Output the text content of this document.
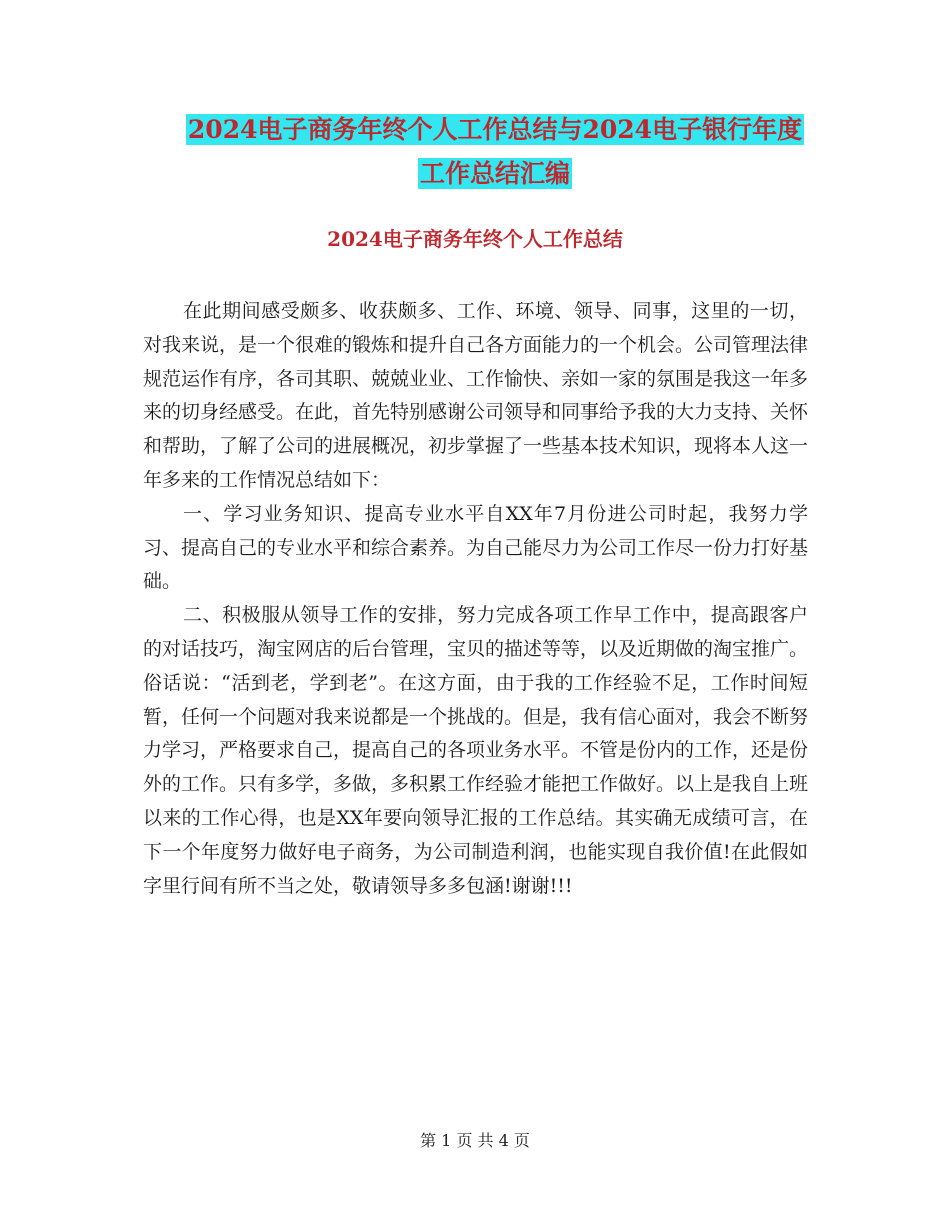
2024电子商务年终个人工作总结与2024电子银行年度
工作总结汇编
2024电子商务年终个人工作总结

在此期间感受颇多、收获颇多、工作、环境、领导、同事，这里的一切，对我来说，是一个很难的锻炼和提升自己各方面能力的一个机会。公司管理法律规范运作有序，各司其职、兢兢业业、工作愉快、亲如一家的氛围是我这一年多来的切身经感受。在此，首先特别感谢公司领导和同事给予我的大力支持、关怀和帮助，了解了公司的进展概况，初步掌握了一些基本技术知识，现将本人这一年多来的工作情况总结如下：

一、学习业务知识、提高专业水平自XX年7月份进公司时起，我努力学习、提高自己的专业水平和综合素养。为自己能尽力为公司工作尽一份力打好基础。

二、积极服从领导工作的安排，努力完成各项工作早工作中，提高跟客户的对话技巧，淘宝网店的后台管理，宝贝的描述等等，以及近期做的淘宝推广。俗话说：“活到老，学到老”。在这方面，由于我的工作经验不足，工作时间短暂，任何一个问题对我来说都是一个挑战的。但是，我有信心面对，我会不断努力学习，严格要求自己，提高自己的各项业务水平。不管是份内的工作，还是份外的工作。只有多学，多做，多积累工作经验才能把工作做好。以上是我自上班以来的工作心得，也是XX年要向领导汇报的工作总结。其实确无成绩可言，在下一个年度努力做好电子商务，为公司制造利润，也能实现自我价值!在此假如字里行间有所不当之处，敬请领导多多包涵!谢谢!!!

第 1 页 共 4 页
